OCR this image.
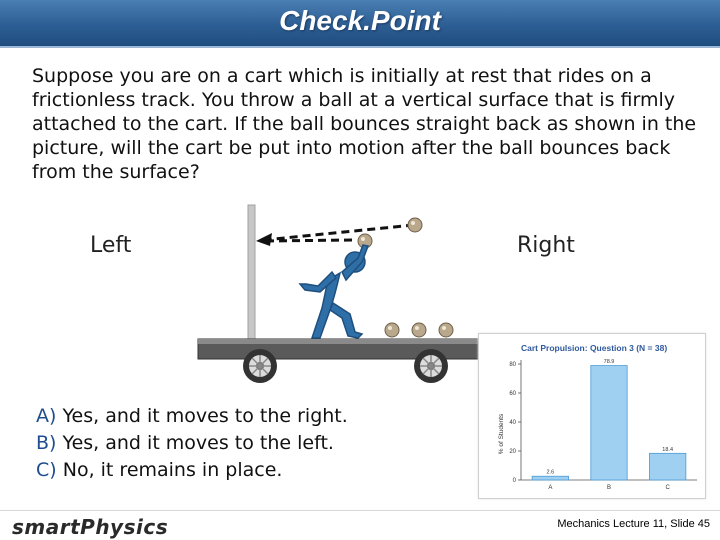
Check.Point
Suppose you are on a cart which is initially at rest that rides on a frictionless track. You throw a ball at a vertical surface that is firmly attached to the cart. If the ball bounces straight back as shown in the picture, will the cart be put into motion after the ball bounces back from the surface?
Left	Right
A) Yes, and it moves to the right.
B) Yes, and it moves to the left.
C) No, it remains in place.
Cart Propulsion: Question 3 (N = 38)
% of Students
0
20
40
60
80
2.6
A
78.9
B
18.4
C
smartPhysics	Mechanics Lecture 11, Slide 45
